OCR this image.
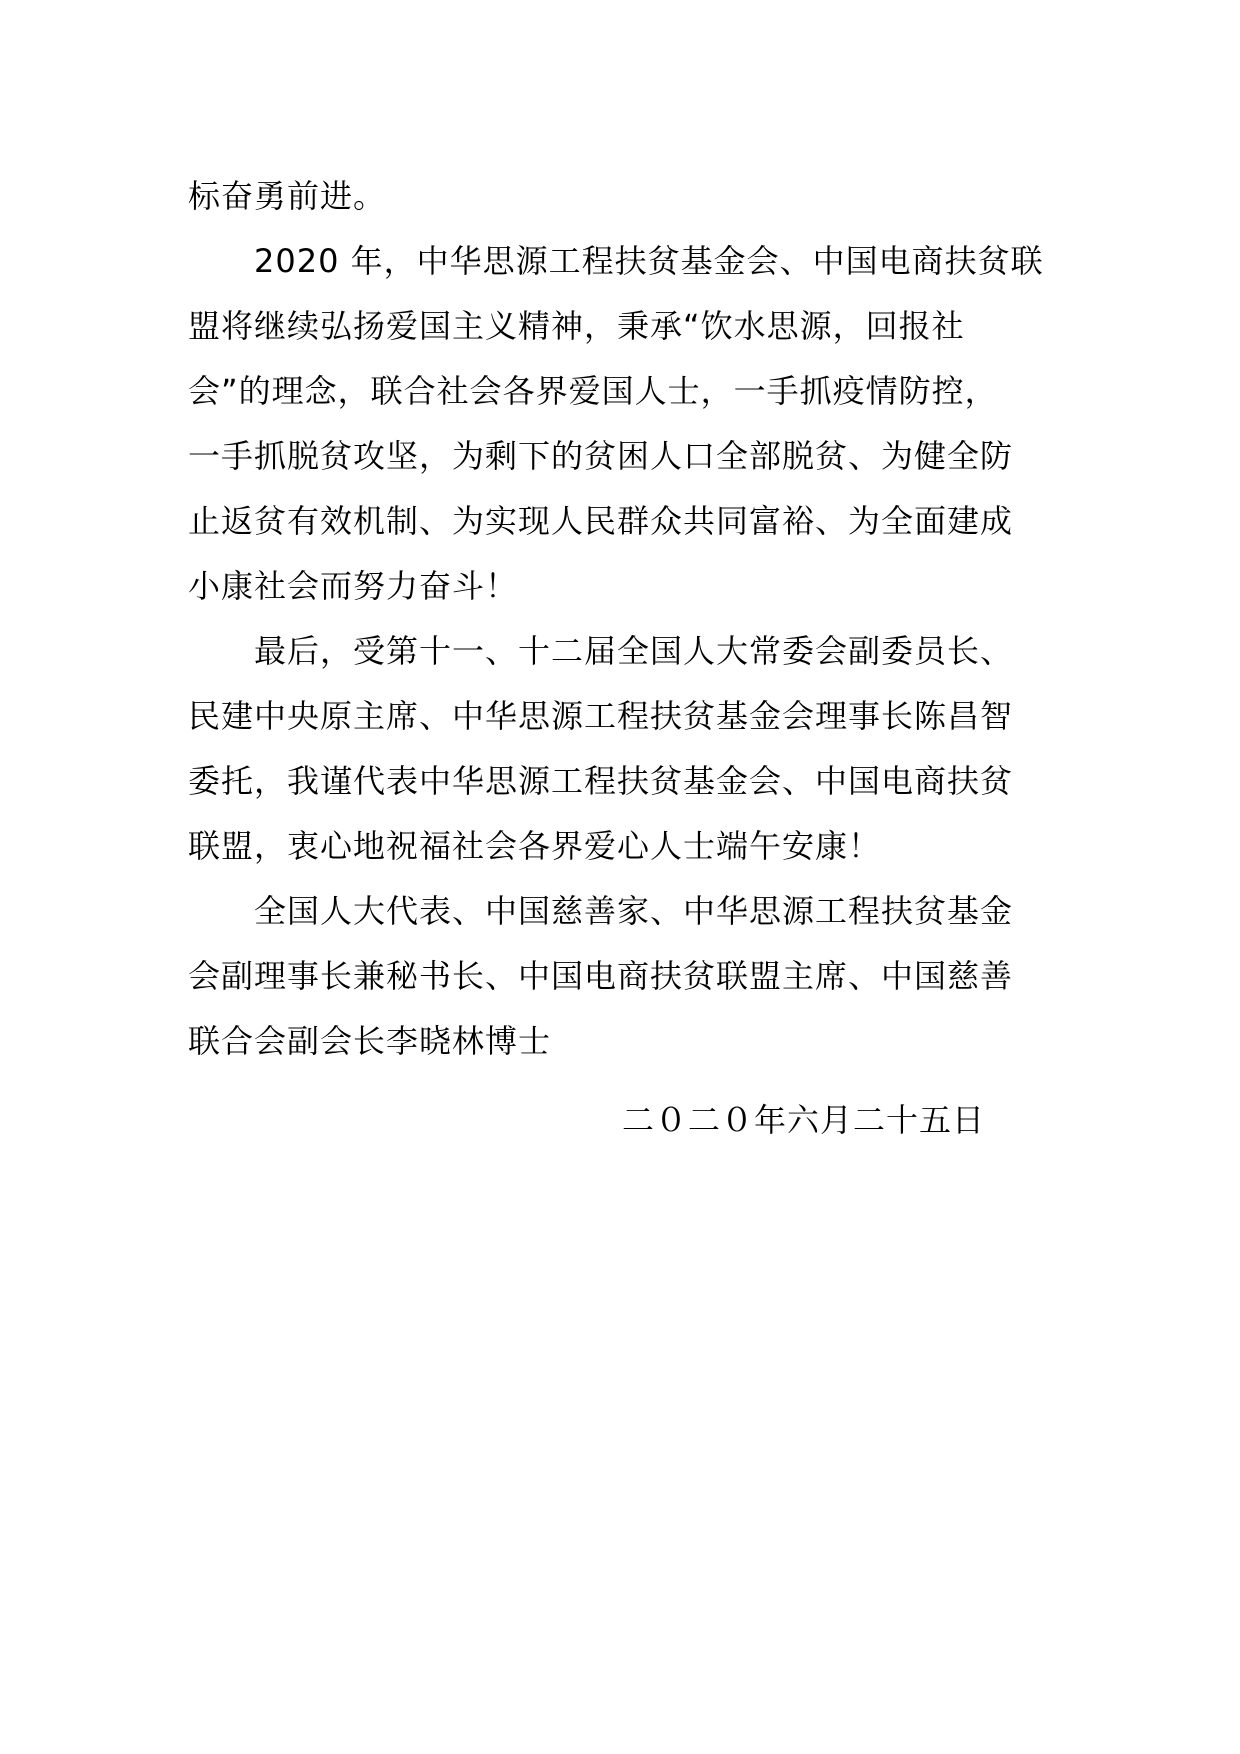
标奋勇前进。
2020 年，中华思源工程扶贫基金会、中国电商扶贫联
盟将继续弘扬爱国主义精神，秉承“饮水思源，回报社
会”的理念，联合社会各界爱国人士，一手抓疫情防控，
一手抓脱贫攻坚，为剩下的贫困人口全部脱贫、为健全防
止返贫有效机制、为实现人民群众共同富裕、为全面建成
小康社会而努力奋斗！
最后，受第十一、十二届全国人大常委会副委员长、
民建中央原主席、中华思源工程扶贫基金会理事长陈昌智
委托，我谨代表中华思源工程扶贫基金会、中国电商扶贫
联盟，衷心地祝福社会各界爱心人士端午安康！
全国人大代表、中国慈善家、中华思源工程扶贫基金
会副理事长兼秘书长、中国电商扶贫联盟主席、中国慈善
联合会副会长李晓林博士
二０二０年六月二十五日
